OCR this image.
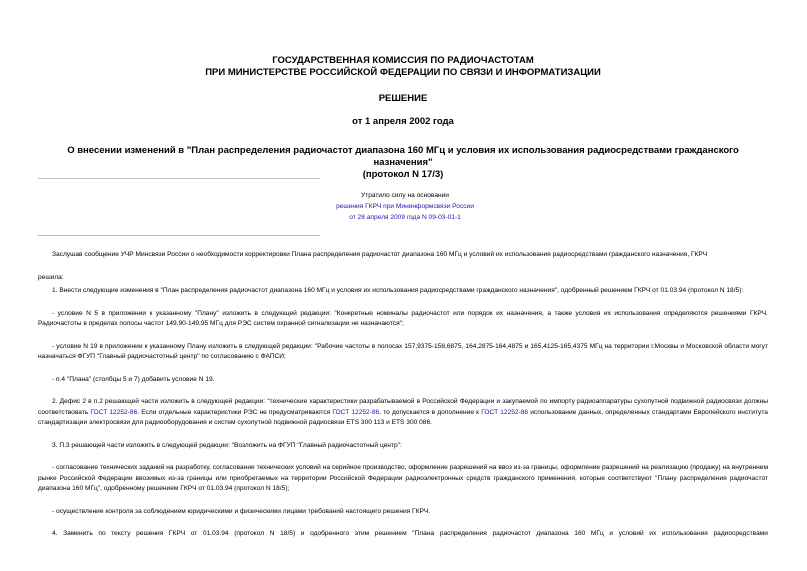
ГОСУДАРСТВЕННАЯ КОМИССИЯ ПО РАДИОЧАСТОТАМ
ПРИ МИНИСТЕРСТВЕ РОССИЙСКОЙ ФЕДЕРАЦИИ ПО СВЯЗИ И ИНФОРМАТИЗАЦИИ
РЕШЕНИЕ
от 1 апреля 2002 года
О внесении изменений в "План распределения радиочастот диапазона 160 МГц и условия их использования радиосредствами гражданского назначения"
(протокол N 17/3)
Утратило силу на основании
решения ГКРЧ при Мининформсвязи России
от 28 апреля 2009 года N 09-03-01-1

Заслушав сообщение УЧР Минсвязи России о необходимости корректировки Плана распределения радиочастот диапазона 160 МГц и условий их использования радиосредствами гражданского назначения, ГКРЧ

решила:

1. Внести следующие изменения в "План распределения радиочастот диапазона 160 МГц и условия их использования радиосредствами гражданского назначения", одобренный решением ГКРЧ от 01.03.94 (протокол N 18/5):

- условие N 5 в приложении к указанному "Плану" изложить в следующей редакции: "Конкретные номиналы радиочастот или порядок их назначения, а также условия их использования определяются решениями ГКРЧ. Радиочастоты в пределах полосы частот 149,90-149,95 МГц для РЭС систем охранной сигнализации не назначаются";

- условие N 19 в приложении к указанному Плану изложить в следующей редакции: "Рабочие частоты в полосах 157,9375-158,6875, 164,2875-164,4875 и 165,4125-165,4375 МГц на территории г.Москвы и Московской области могут назначаться ФГУП "Главный радиочастотный центр" по согласованию с ФАПСИ;

- п.4 "Плана" (столбцы 5 и 7) добавить условие N 19.

2. Дефис 2 в п.2 решающей части изложить в следующей редакции: "технические характеристики разрабатываемой в Российской Федерации и закупаемой по импорту радиоаппаратуры сухопутной подвижной радиосвязи должны соответствовать ГОСТ 12252-86. Если отдельные характеристики РЭС не предусматриваются ГОСТ 12252-86, то допускается в дополнение к ГОСТ 12252-86 использование данных, определенных стандартами Европейского института стандартизации электросвязи для радиооборудования и систем сухопутной подвижной радиосвязи ETS 300 113 и ETS 300 086.

3. П.3 решающей части изложить в следующей редакции: "Возложить на ФГУП "Главный радиочастотный центр":

- согласование технических заданий на разработку, согласование технических условий на серийное производство, оформление разрешений на ввоз из-за границы, оформление разрешений на реализацию (продажу) на внутреннем рынке Российской Федерации ввозимых из-за границы или приобретаемых на территории Российской Федерации радиоэлектронных средств гражданского применения, которые соответствуют "Плану распределения радиочастот диапазона 160 МГц", одобренному решением ГКРЧ от 01.03.94 (протокол N 18/5);

- осуществление контроля за соблюдением юридическими и физическими лицами требований настоящего решения ГКРЧ.

4. Заменить по тексту решения ГКРЧ от 01.03.94 (протокол N 18/5) и одобренного этим решением "Плана распределения радиочастот диапазона 160 МГц и условий их использования радиосредствами
